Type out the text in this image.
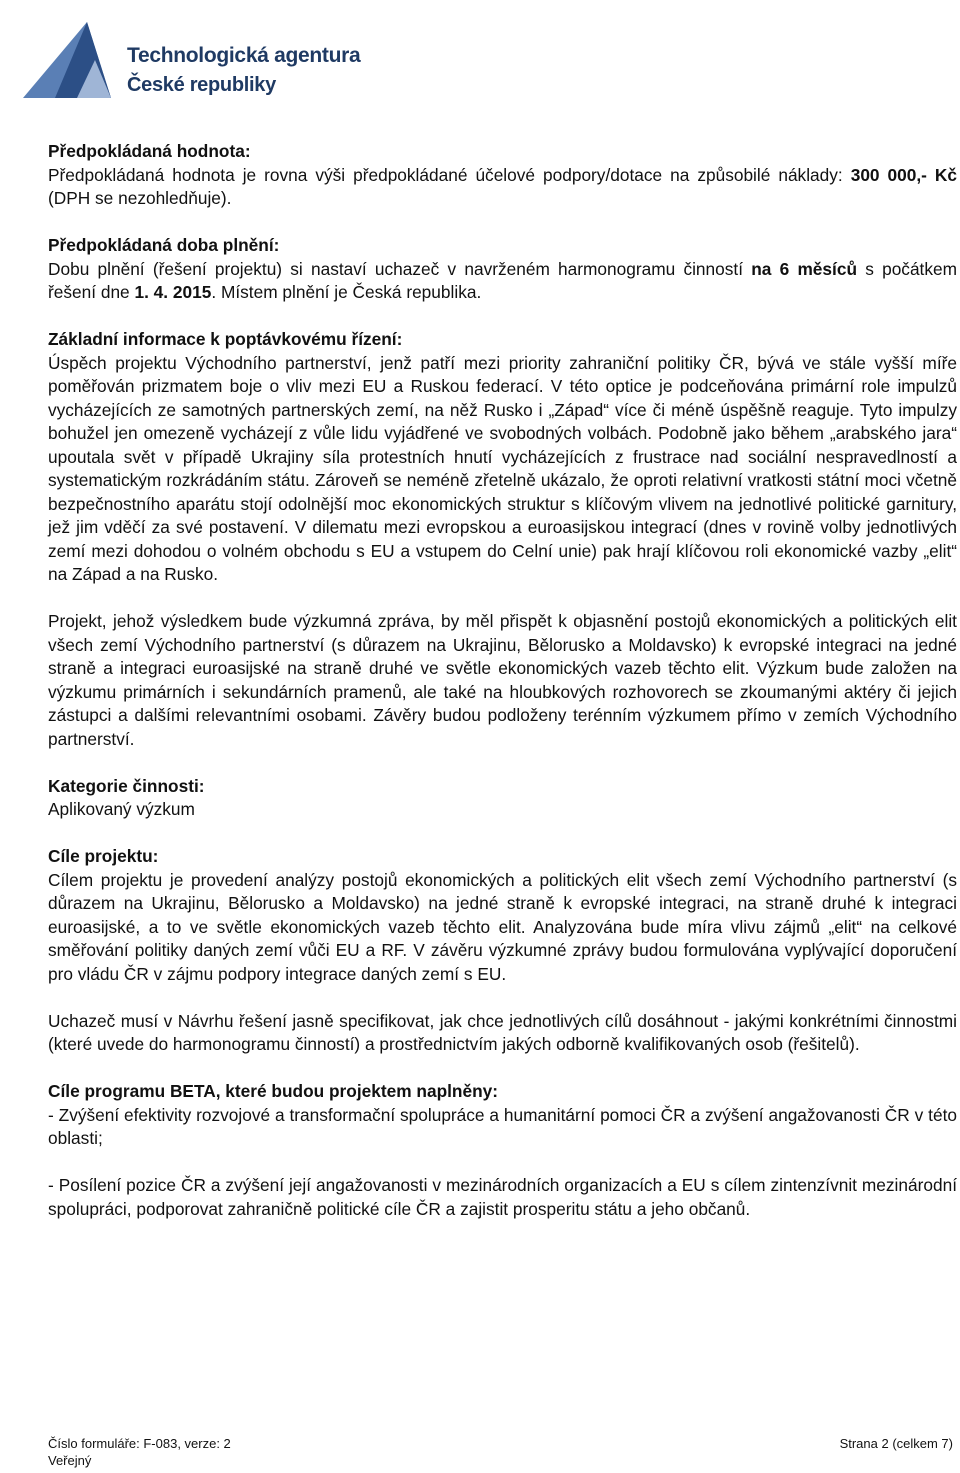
Technologická agentura
České republiky

Předpokládaná hodnota:

Předpokládaná hodnota je rovna výši předpokládané účelové podpory/dotace na způsobilé náklady: 300 000,- Kč (DPH se nezohledňuje).

Předpokládaná doba plnění:

Dobu plnění (řešení projektu) si nastaví uchazeč v navrženém harmonogramu činností na 6 měsíců s počátkem řešení dne 1. 4. 2015. Místem plnění je Česká republika.

Základní informace k poptávkovému řízení:

Úspěch projektu Východního partnerství, jenž patří mezi priority zahraniční politiky ČR, bývá ve stále vyšší míře poměřován prizmatem boje o vliv mezi EU a Ruskou federací. V této optice je podceňována primární role impulzů vycházejících ze samotných partnerských zemí, na něž Rusko i „Západ“ více či méně úspěšně reaguje. Tyto impulzy bohužel jen omezeně vycházejí z vůle lidu vyjádřené ve svobodných volbách. Podobně jako během „arabského jara“ upoutala svět v případě Ukrajiny síla protestních hnutí vycházejících z frustrace nad sociální nespravedlností a systematickým rozkrádáním státu. Zároveň se neméně zřetelně ukázalo, že oproti relativní vratkosti státní moci včetně bezpečnostního aparátu stojí odolnější moc ekonomických struktur s klíčovým vlivem na jednotlivé politické garnitury, jež jim vděčí za své postavení. V dilematu mezi evropskou a euroasijskou integrací (dnes v rovině volby jednotlivých zemí mezi dohodou o volném obchodu s EU a vstupem do Celní unie) pak hrají klíčovou roli ekonomické vazby „elit“ na Západ a na Rusko.

Projekt, jehož výsledkem bude výzkumná zpráva, by měl přispět k objasnění postojů ekonomických a politických elit všech zemí Východního partnerství (s důrazem na Ukrajinu, Bělorusko a Moldavsko) k evropské integraci na jedné straně a integraci euroasijské na straně druhé ve světle ekonomických vazeb těchto elit. Výzkum bude založen na výzkumu primárních i sekundárních pramenů, ale také na hloubkových rozhovorech se zkoumanými aktéry či jejich zástupci a dalšími relevantními osobami. Závěry budou podloženy terénním výzkumem přímo v zemích Východního partnerství.

Kategorie činnosti:

Aplikovaný výzkum

Cíle projektu:

Cílem projektu je provedení analýzy postojů ekonomických a politických elit všech zemí Východního partnerství (s důrazem na Ukrajinu, Bělorusko a Moldavsko) na jedné straně k evropské integraci, na straně druhé k integraci euroasijské, a to ve světle ekonomických vazeb těchto elit. Analyzována bude míra vlivu zájmů „elit“ na celkové směřování politiky daných zemí vůči EU a RF. V závěru výzkumné zprávy budou formulována vyplývající doporučení pro vládu ČR v zájmu podpory integrace daných zemí s EU.

Uchazeč musí v Návrhu řešení jasně specifikovat, jak chce jednotlivých cílů dosáhnout - jakými konkrétními činnostmi (které uvede do harmonogramu činností) a prostřednictvím jakých odborně kvalifikovaných osob (řešitelů).

Cíle programu BETA, které budou projektem naplněny:

- Zvýšení efektivity rozvojové a transformační spolupráce a humanitární pomoci ČR a zvýšení angažovanosti ČR v této oblasti;

- Posílení pozice ČR a zvýšení její angažovanosti v mezinárodních organizacích a EU s cílem zintenzívnit mezinárodní spolupráci, podporovat zahraničně politické cíle ČR a zajistit prosperitu státu a jeho občanů.

Číslo formuláře: F-083, verze: 2	Strana 2 (celkem 7)
Veřejný
